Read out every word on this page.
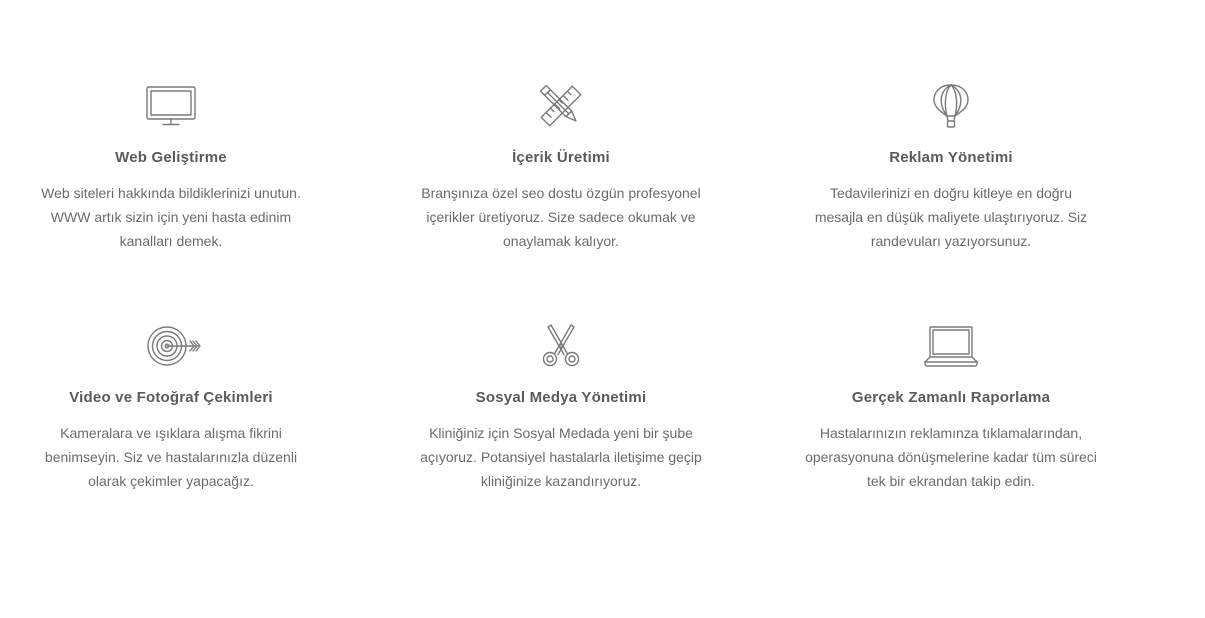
Web Geliştirme

Web siteleri hakkında bildiklerinizi unutun. WWW artık sizin için yeni hasta edinim kanalları demek.

İçerik Üretimi

Branşınıza özel seo dostu özgün profesyonel içerikler üretiyoruz. Size sadece okumak ve onaylamak kalıyor.

Reklam Yönetimi

Tedavilerinizi en doğru kitleye en doğru mesajla en düşük maliyete ulaştırıyoruz. Siz randevuları yazıyorsunuz.

Video ve Fotoğraf Çekimleri

Kameralara ve ışıklara alışma fikrini benimseyin. Siz ve hastalarınızla düzenli olarak çekimler yapacağız.

Sosyal Medya Yönetimi

Kliniğiniz için Sosyal Medada yeni bir şube açıyoruz. Potansiyel hastalarla iletişime geçip kliniğinize kazandırıyoruz.

Gerçek Zamanlı Raporlama

Hastalarınızın reklamınza tıklamalarından, operasyonuna dönüşmelerine kadar tüm süreci tek bir ekrandan takip edin.
